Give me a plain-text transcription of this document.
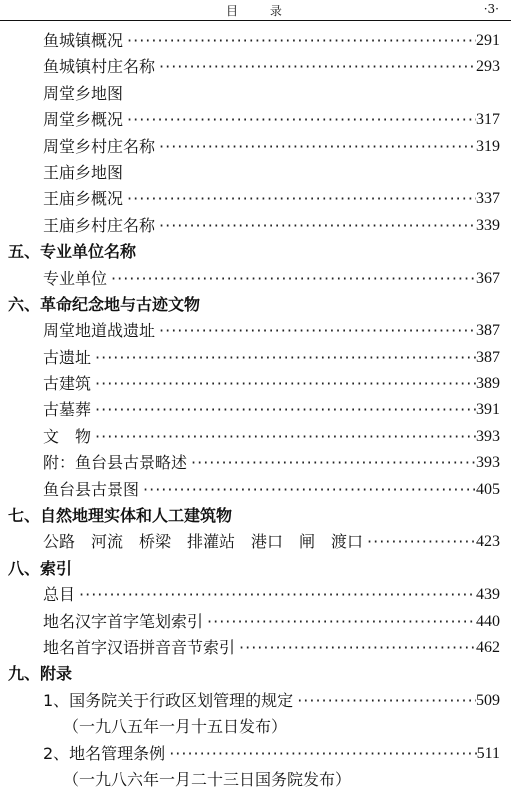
目 录	·3·
鱼城镇概况 ·····	291
鱼城镇村庄名称 ·····	293
周堂乡地图
周堂乡概况 ·····	317
周堂乡村庄名称 ·····	319
王庙乡地图
王庙乡概况 ·····	337
王庙乡村庄名称 ·····	339
五、专业单位名称
专业单位 ·····	367
六、革命纪念地与古迹文物
周堂地道战遗址 ·····	387
古遗址 ·····	387
古建筑 ·····	389
古墓葬 ·····	391
文　物 ·····	393
附：鱼台县古景略述 ·····	393
鱼台县古景图 ·····	405
七、自然地理实体和人工建筑物
公路　河流　桥梁　排灌站　港口　闸　渡口 ·····	423
八、索引
总目 ·····	439
地名汉字首字笔划索引 ·····	440
地名首字汉语拼音音节索引 ·····	462
九、附录
1、国务院关于行政区划管理的规定 ·····	509
（一九八五年一月十五日发布）
2、地名管理条例 ·····	511
（一九八六年一月二十三日国务院发布）
